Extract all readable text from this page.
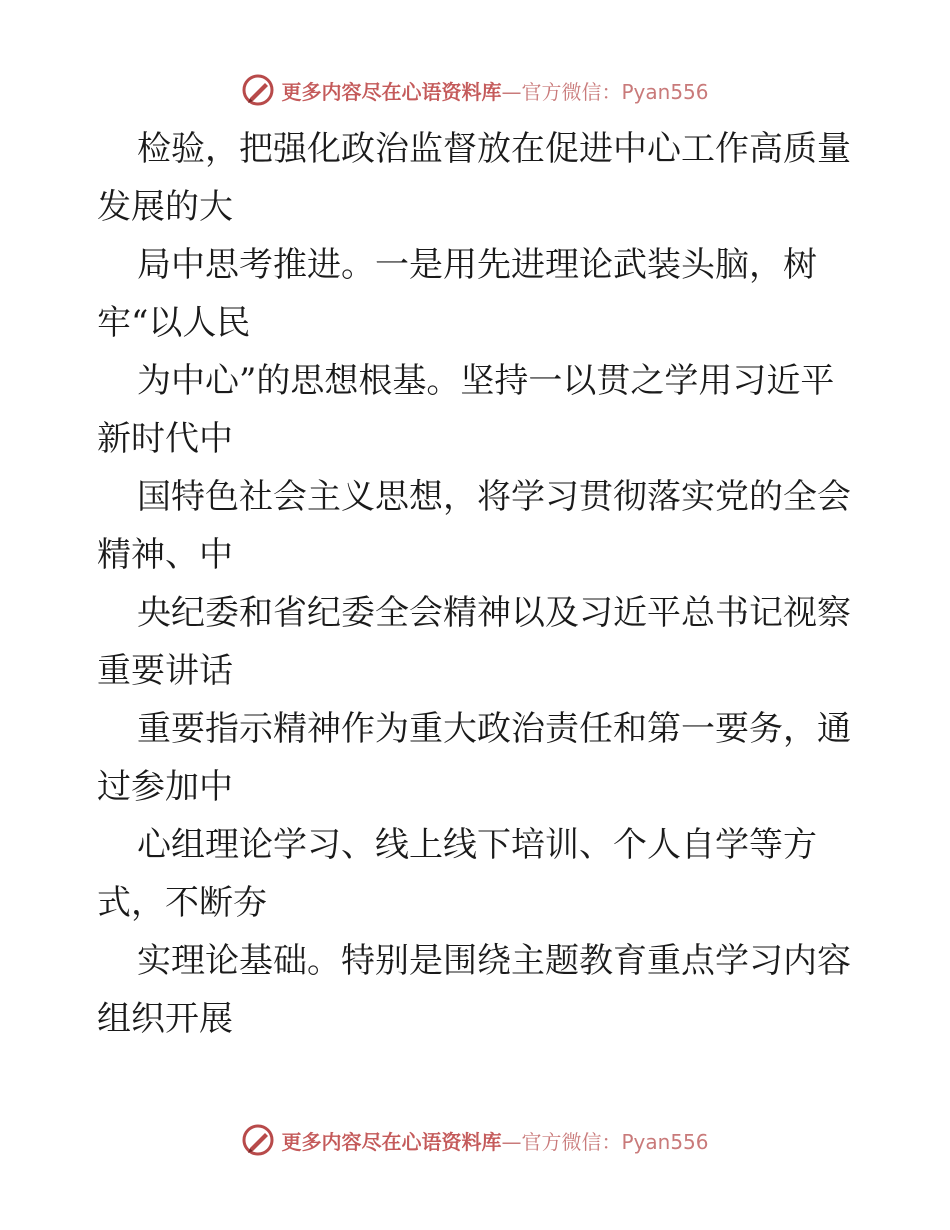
更多内容尽在心语资料库—官方微信：Pyan556

检验，把强化政治监督放在促进中心工作高质量

发展的大

局中思考推进。一是用先进理论武装头脑，树

牢“以人民

为中心”的思想根基。坚持一以贯之学用习近平

新时代中

国特色社会主义思想，将学习贯彻落实党的全会

精神、中

央纪委和省纪委全会精神以及习近平总书记视察

重要讲话

重要指示精神作为重大政治责任和第一要务，通

过参加中

心组理论学习、线上线下培训、个人自学等方

式，不断夯

实理论基础。特别是围绕主题教育重点学习内容

组织开展

更多内容尽在心语资料库—官方微信：Pyan556
